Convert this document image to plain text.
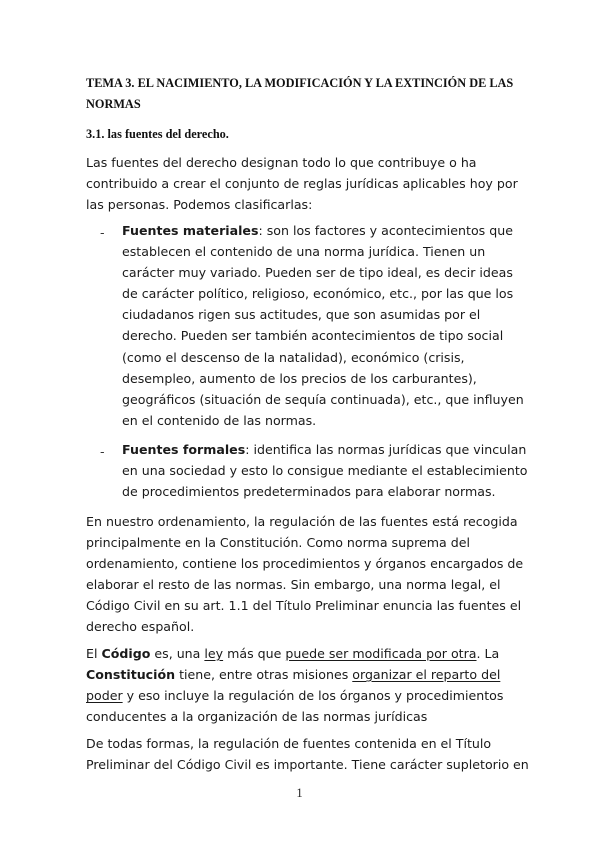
TEMA 3. EL NACIMIENTO, LA MODIFICACIÓN Y LA EXTINCIÓN DE LAS
NORMAS
3.1. las fuentes del derecho.
Las fuentes del derecho designan todo lo que contribuye o ha
contribuido a crear el conjunto de reglas jurídicas aplicables hoy por
las personas. Podemos clasificarlas:
- Fuentes materiales: son los factores y acontecimientos que
establecen el contenido de una norma jurídica. Tienen un
carácter muy variado. Pueden ser de tipo ideal, es decir ideas
de carácter político, religioso, económico, etc., por las que los
ciudadanos rigen sus actitudes, que son asumidas por el
derecho. Pueden ser también acontecimientos de tipo social
(como el descenso de la natalidad), económico (crisis,
desempleo, aumento de los precios de los carburantes),
geográficos (situación de sequía continuada), etc., que influyen
en el contenido de las normas.
- Fuentes formales: identifica las normas jurídicas que vinculan
en una sociedad y esto lo consigue mediante el establecimiento
de procedimientos predeterminados para elaborar normas.
En nuestro ordenamiento, la regulación de las fuentes está recogida
principalmente en la Constitución. Como norma suprema del
ordenamiento, contiene los procedimientos y órganos encargados de
elaborar el resto de las normas. Sin embargo, una norma legal, el
Código Civil en su art. 1.1 del Título Preliminar enuncia las fuentes el
derecho español.
El Código es, una ley más que puede ser modificada por otra. La
Constitución tiene, entre otras misiones organizar el reparto del
poder y eso incluye la regulación de los órganos y procedimientos
conducentes a la organización de las normas jurídicas
De todas formas, la regulación de fuentes contenida en el Título
Preliminar del Código Civil es importante. Tiene carácter supletorio en
1
